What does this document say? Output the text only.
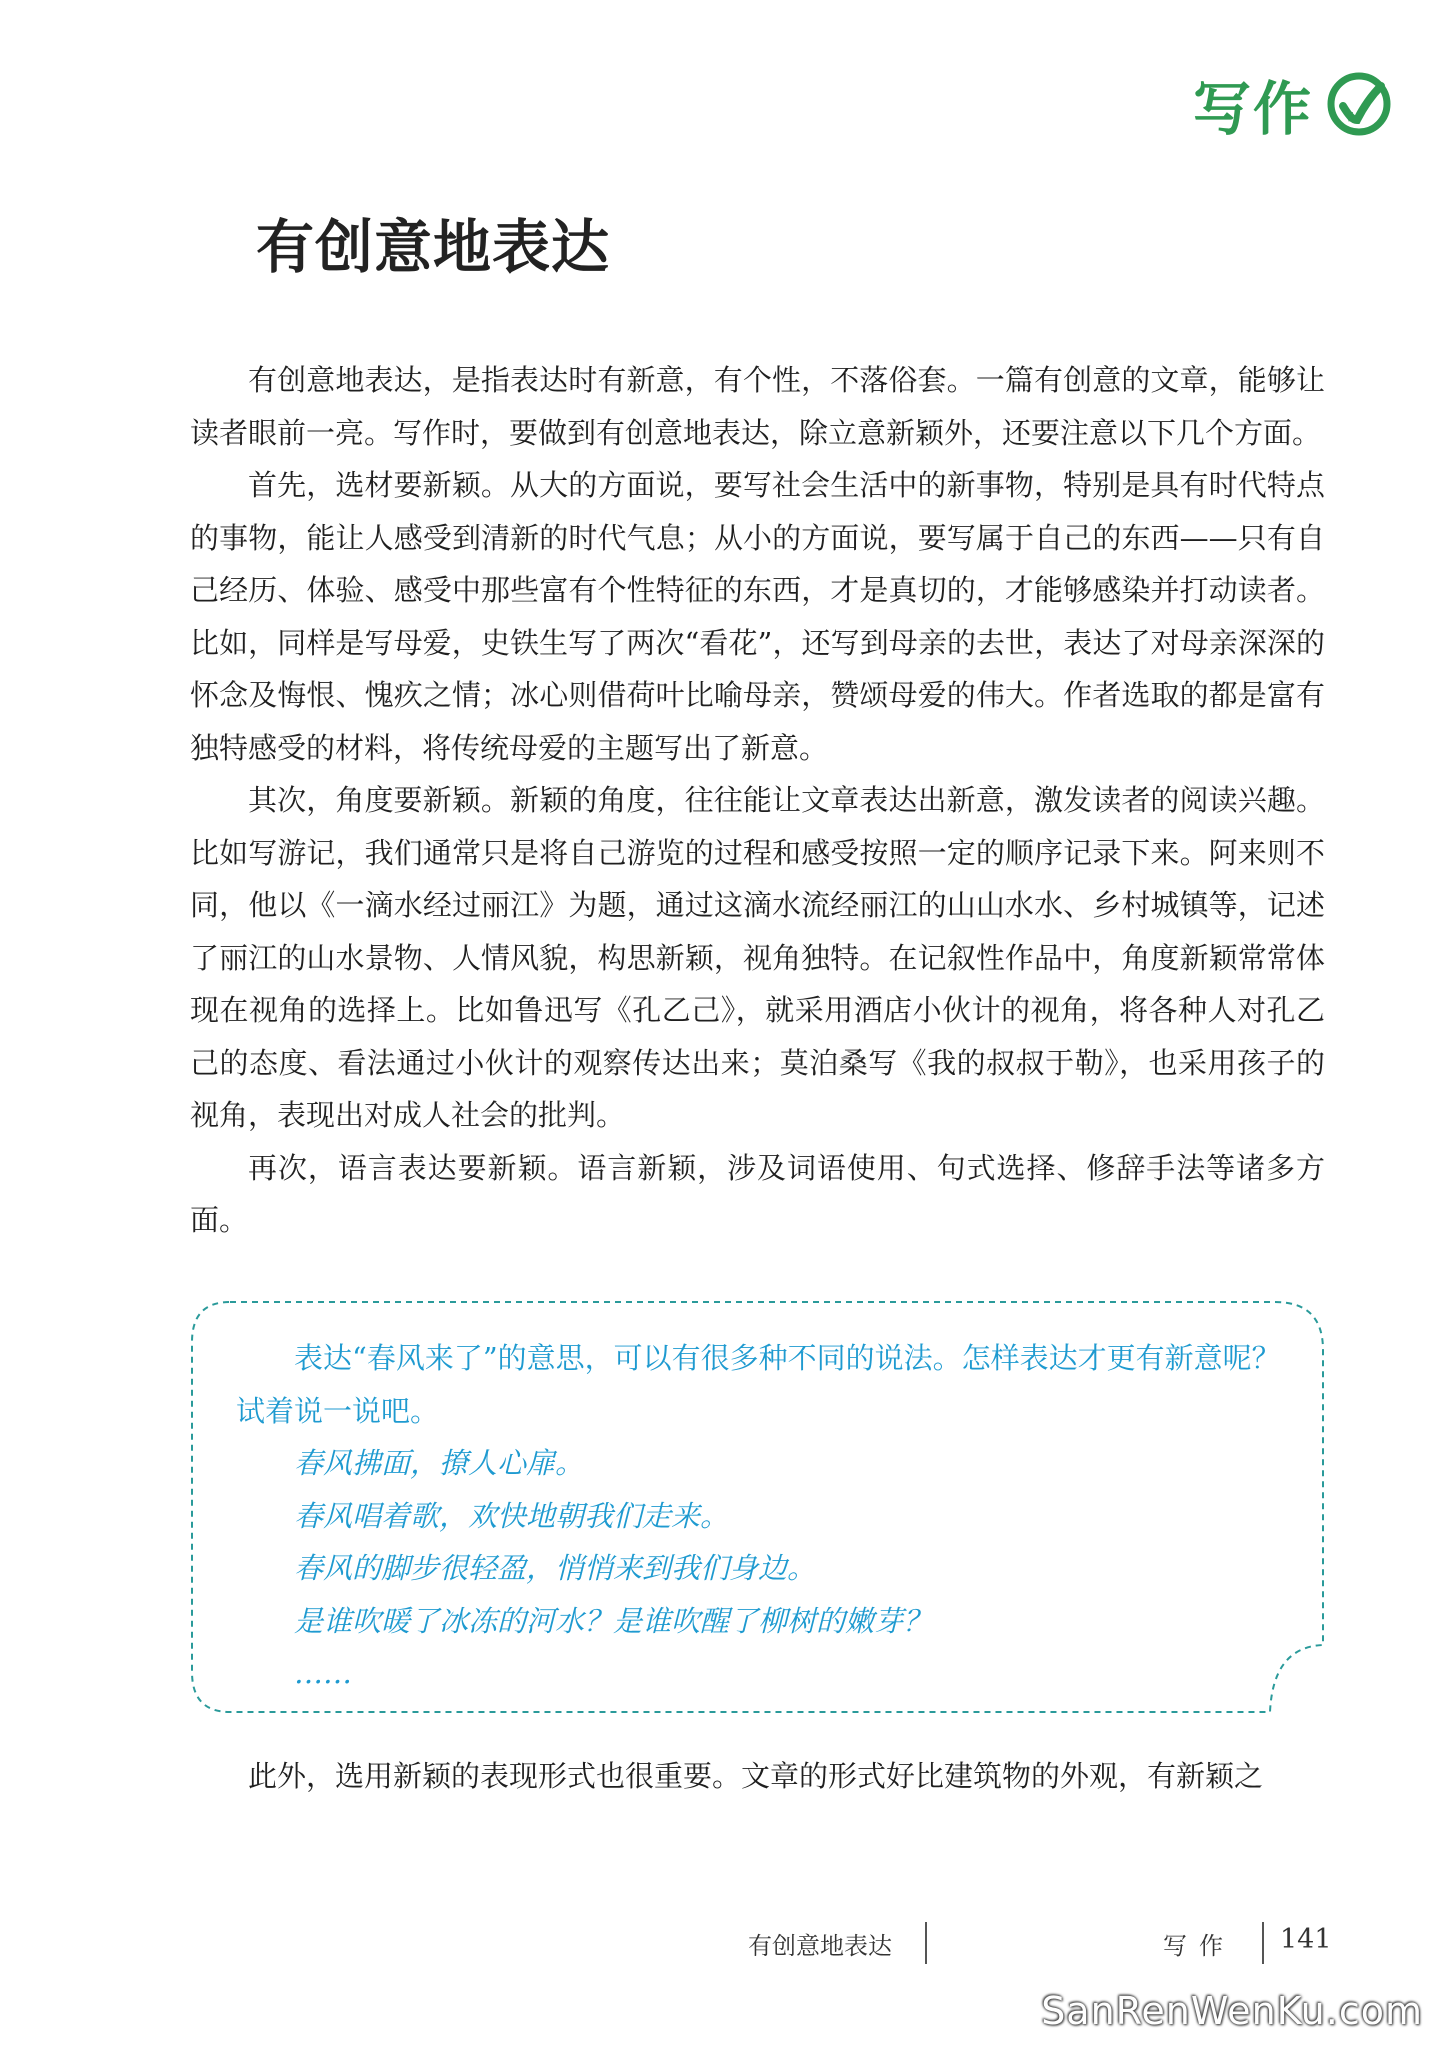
写作
有创意地表达

有创意地表达，是指表达时有新意，有个性，不落俗套。一篇有创意的文章，能够让读者眼前一亮。写作时，要做到有创意地表达，除立意新颖外，还要注意以下几个方面。

首先，选材要新颖。从大的方面说，要写社会生活中的新事物，特别是具有时代特点的事物，能让人感受到清新的时代气息；从小的方面说，要写属于自己的东西——只有自己经历、体验、感受中那些富有个性特征的东西，才是真切的，才能够感染并打动读者。比如，同样是写母爱，史铁生写了两次“看花”，还写到母亲的去世，表达了对母亲深深的怀念及悔恨、愧疚之情；冰心则借荷叶比喻母亲，赞颂母爱的伟大。作者选取的都是富有独特感受的材料，将传统母爱的主题写出了新意。

其次，角度要新颖。新颖的角度，往往能让文章表达出新意，激发读者的阅读兴趣。比如写游记，我们通常只是将自己游览的过程和感受按照一定的顺序记录下来。阿来则不同，他以《一滴水经过丽江》为题，通过这滴水流经丽江的山山水水、乡村城镇等，记述了丽江的山水景物、人情风貌，构思新颖，视角独特。在记叙性作品中，角度新颖常常体现在视角的选择上。比如鲁迅写《孔乙己》，就采用酒店小伙计的视角，将各种人对孔乙己的态度、看法通过小伙计的观察传达出来；莫泊桑写《我的叔叔于勒》，也采用孩子的视角，表现出对成人社会的批判。

再次，语言表达要新颖。语言新颖，涉及词语使用、句式选择、修辞手法等诸多方面。

表达“春风来了”的意思，可以有很多种不同的说法。怎样表达才更有新意呢？试着说一说吧。

春风拂面，撩人心扉。

春风唱着歌，欢快地朝我们走来。

春风的脚步很轻盈，悄悄来到我们身边。

是谁吹暖了冰冻的河水？是谁吹醒了柳树的嫩芽？

……

此外，选用新颖的表现形式也很重要。文章的形式好比建筑物的外观，有新颖之

有创意地表达	写作 141
SanRenWenKu.com
